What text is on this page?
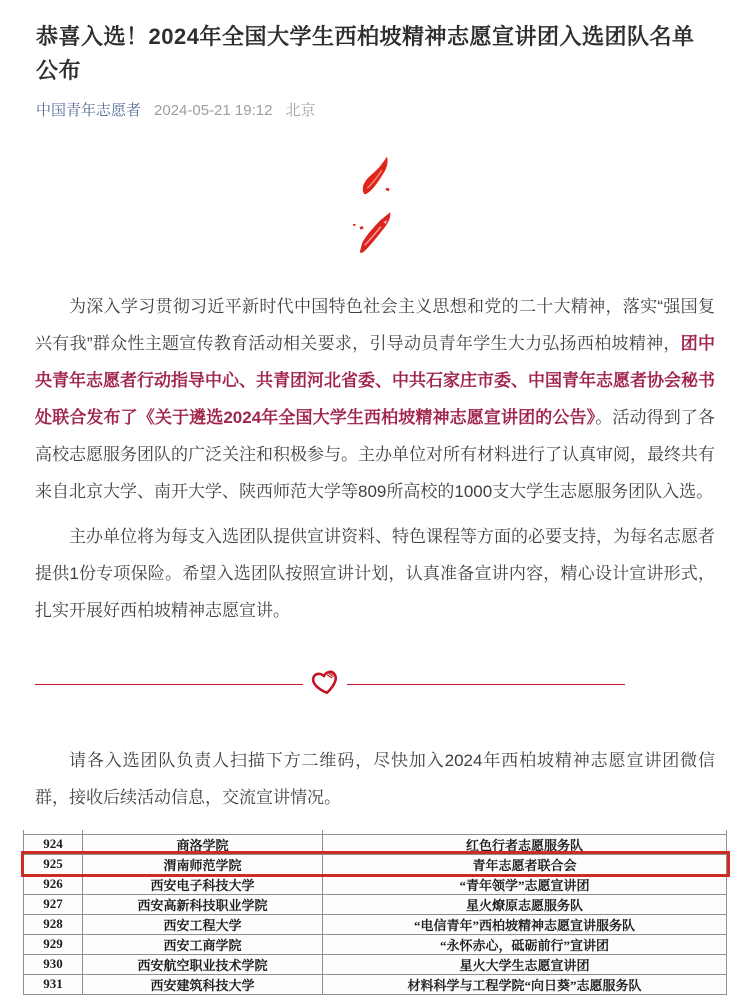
恭喜入选！2024年全国大学生西柏坡精神志愿宣讲团入选团队名单公布
中国青年志愿者 2024-05-21 19:12 北京

为深入学习贯彻习近平新时代中国特色社会主义思想和党的二十大精神，落实“强国复兴有我”群众性主题宣传教育活动相关要求，引导动员青年学生大力弘扬西柏坡精神，团中央青年志愿者行动指导中心、共青团河北省委、中共石家庄市委、中国青年志愿者协会秘书处联合发布了《关于遴选2024年全国大学生西柏坡精神志愿宣讲团的公告》。活动得到了各高校志愿服务团队的广泛关注和积极参与。主办单位对所有材料进行了认真审阅，最终共有来自北京大学、南开大学、陕西师范大学等809所高校的1000支大学生志愿服务团队入选。

主办单位将为每支入选团队提供宣讲资料、特色课程等方面的必要支持，为每名志愿者提供1份专项保险。希望入选团队按照宣讲计划，认真准备宣讲内容，精心设计宣讲形式，扎实开展好西柏坡精神志愿宣讲。

请各入选团队负责人扫描下方二维码，尽快加入2024年西柏坡精神志愿宣讲团微信群，接收后续活动信息，交流宣讲情况。

924	商洛学院	红色行者志愿服务队
925	渭南师范学院	青年志愿者联合会
926	西安电子科技大学	“青年领学”志愿宣讲团
927	西安高新科技职业学院	星火燎原志愿服务队
928	西安工程大学	“电信青年”西柏坡精神志愿宣讲服务队
929	西安工商学院	“永怀赤心，砥砺前行”宣讲团
930	西安航空职业技术学院	星火大学生志愿宣讲团
931	西安建筑科技大学	材料科学与工程学院“向日葵”志愿服务队
